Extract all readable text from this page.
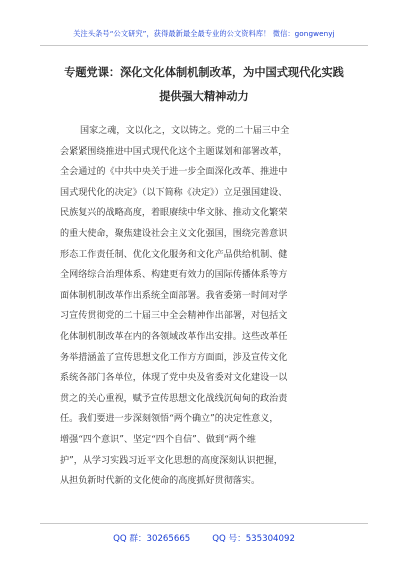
关注头条号“公文研究”，获得最新最全最专业的公文资料库！ 微信：gongwenyj
专题党课：深化文化体制机制改革，为中国式现代化实践
提供强大精神动力
国家之魂，文以化之，文以铸之。党的二十届三中全
会紧紧围绕推进中国式现代化这个主题谋划和部署改革，
全会通过的《中共中央关于进一步全面深化改革、推进中
国式现代化的决定》（以下简称《决定》）立足强国建设、
民族复兴的战略高度，着眼赓续中华文脉、推动文化繁荣
的重大使命，聚焦建设社会主义文化强国，围绕完善意识
形态工作责任制、优化文化服务和文化产品供给机制、健
全网络综合治理体系、构建更有效力的国际传播体系等方
面体制机制改革作出系统全面部署。我省委第一时间对学
习宣传贯彻党的二十届三中全会精神作出部署，对包括文
化体制机制改革在内的各领域改革作出安排。这些改革任
务举措涵盖了宣传思想文化工作方方面面，涉及宣传文化
系统各部门各单位，体现了党中央及省委对文化建设一以
贯之的关心重视，赋予宣传思想文化战线沉甸甸的政治责
任。我们要进一步深刻领悟“两个确立”的决定性意义，
增强“四个意识”、坚定“四个自信”、做到“两个维
护”，从学习实践习近平文化思想的高度深刻认识把握，
从担负新时代新的文化使命的高度抓好贯彻落实。
QQ 群：30265665	QQ 号：535304092
